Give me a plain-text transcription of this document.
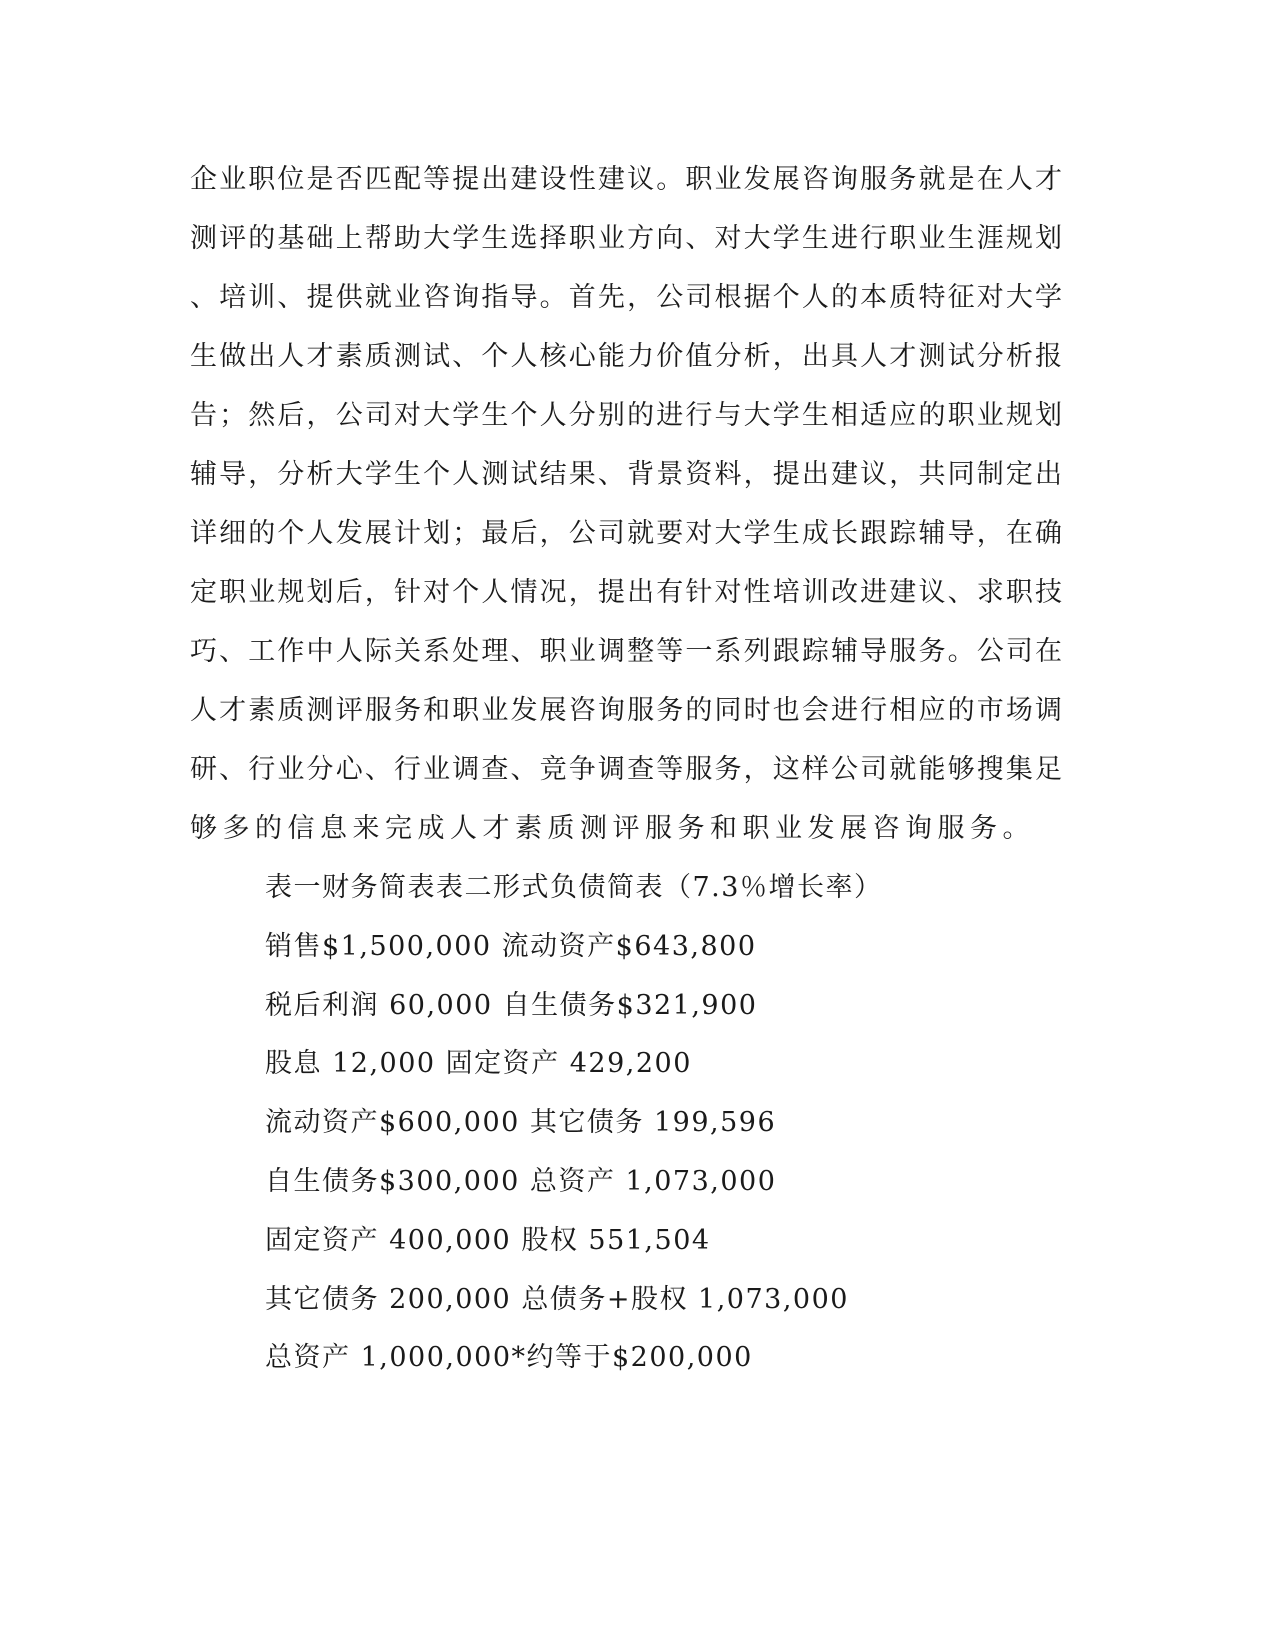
企业职位是否匹配等提出建设性建议。职业发展咨询服务就是在人才
测评的基础上帮助大学生选择职业方向、对大学生进行职业生涯规划
、培训、提供就业咨询指导。首先，公司根据个人的本质特征对大学
生做出人才素质测试、个人核心能力价值分析，出具人才测试分析报
告；然后，公司对大学生个人分别的进行与大学生相适应的职业规划
辅导，分析大学生个人测试结果、背景资料，提出建议，共同制定出
详细的个人发展计划；最后，公司就要对大学生成长跟踪辅导，在确
定职业规划后，针对个人情况，提出有针对性培训改进建议、求职技
巧、工作中人际关系处理、职业调整等一系列跟踪辅导服务。公司在
人才素质测评服务和职业发展咨询服务的同时也会进行相应的市场调
研、行业分心、行业调查、竞争调查等服务，这样公司就能够搜集足
够多的信息来完成人才素质测评服务和职业发展咨询服务。
表一财务简表表二形式负债简表（7.3％增长率）
销售$1,500,000 流动资产$643,800
税后利润 60,000 自生债务$321,900
股息 12,000 固定资产 429,200
流动资产$600,000 其它债务 199,596
自生债务$300,000 总资产 1,073,000
固定资产 400,000 股权 551,504
其它债务 200,000 总债务+股权 1,073,000
总资产 1,000,000*约等于$200,000
